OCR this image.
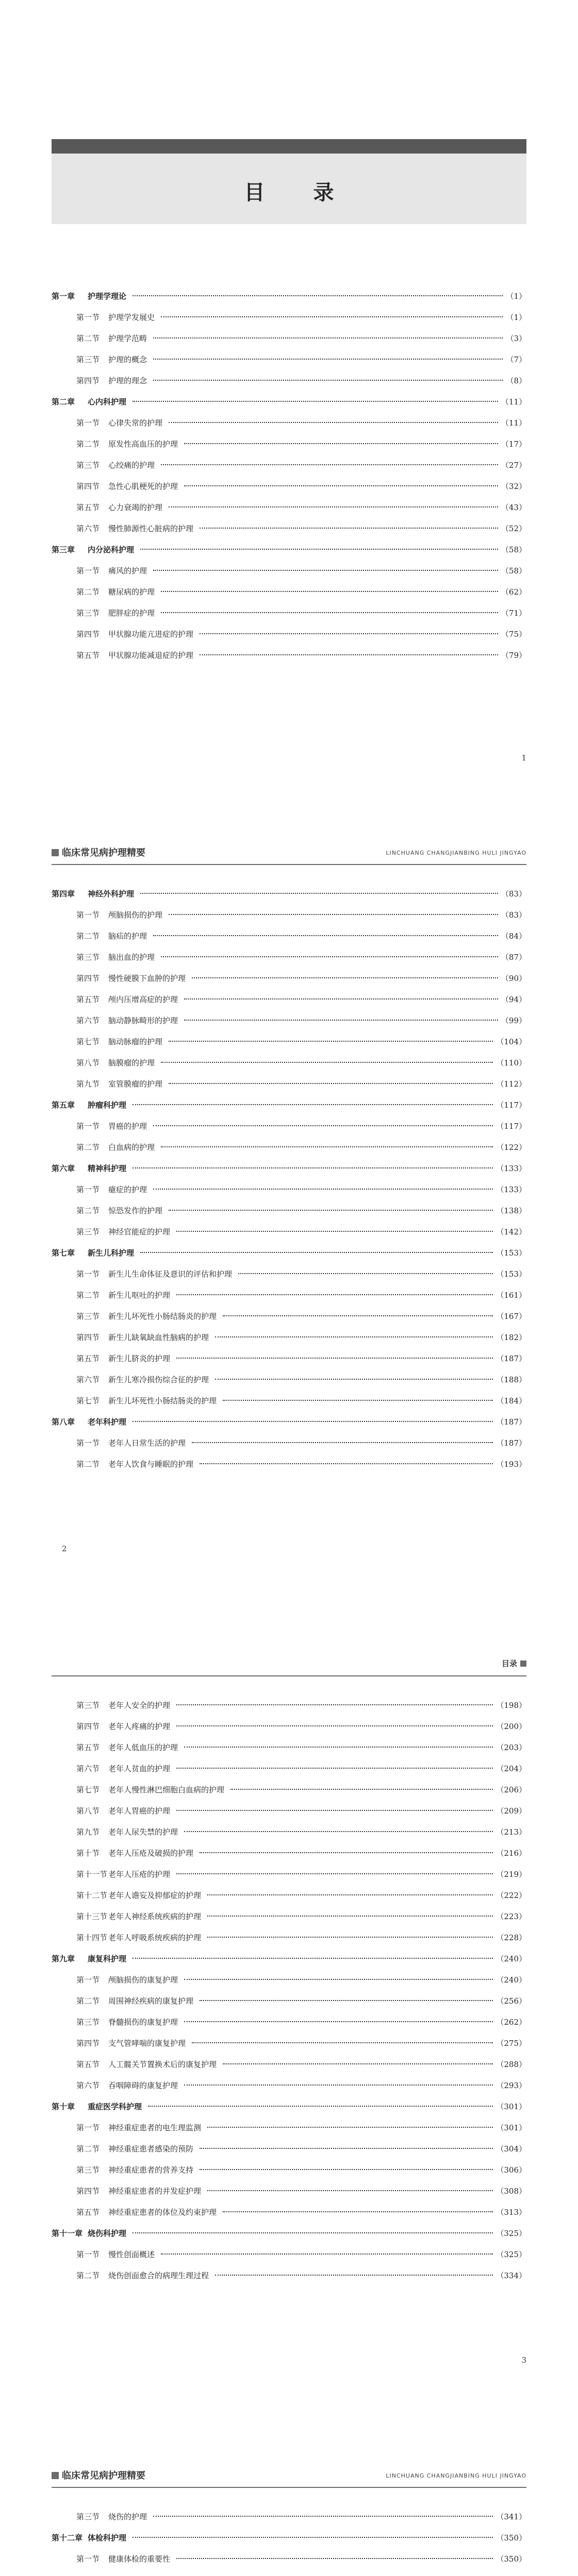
目 录
第一章	护理学理论	（1）
第一节	护理学发展史	（1）
第二节	护理学范畴	（3）
第三节	护理的概念	（7）
第四节	护理的理念	（8）
第二章	心内科护理	（11）
第一节	心律失常的护理	（11）
第二节	原发性高血压的护理	（17）
第三节	心绞痛的护理	（27）
第四节	急性心肌梗死的护理	（32）
第五节	心力衰竭的护理	（43）
第六节	慢性肺源性心脏病的护理	（52）
第三章	内分泌科护理	（58）
第一节	痛风的护理	（58）
第二节	糖尿病的护理	（62）
第三节	肥胖症的护理	（71）
第四节	甲状腺功能亢进症的护理	（75）
第五节	甲状腺功能减退症的护理	（79）
1
临床常见病护理精要	LINCHUANG CHANGJIANBING HULI JINGYAO
第四章	神经外科护理	（83）
第一节	颅脑损伤的护理	（83）
第二节	脑疝的护理	（84）
第三节	脑出血的护理	（87）
第四节	慢性硬膜下血肿的护理	（90）
第五节	颅内压增高症的护理	（94）
第六节	脑动静脉畸形的护理	（99）
第七节	脑动脉瘤的护理	（104）
第八节	脑膜瘤的护理	（110）
第九节	室管膜瘤的护理	（112）
第五章	肿瘤科护理	（117）
第一节	胃癌的护理	（117）
第二节	白血病的护理	（122）
第六章	精神科护理	（133）
第一节	癔症的护理	（133）
第二节	惊恐发作的护理	（138）
第三节	神经官能症的护理	（142）
第七章	新生儿科护理	（153）
第一节	新生儿生命体征及意识的评估和护理	（153）
第二节	新生儿呕吐的护理	（161）
第三节	新生儿坏死性小肠结肠炎的护理	（167）
第四节	新生儿缺氧缺血性脑病的护理	（182）
第五节	新生儿脐炎的护理	（187）
第六节	新生儿寒冷损伤综合征的护理	（188）
第七节	新生儿坏死性小肠结肠炎的护理	（184）
第八章	老年科护理	（187）
第一节	老年人日常生活的护理	（187）
第二节	老年人饮食与睡眠的护理	（193）
2
目录
第三节	老年人安全的护理	（198）
第四节	老年人疼痛的护理	（200）
第五节	老年人低血压的护理	（203）
第六节	老年人贫血的护理	（204）
第七节	老年人慢性淋巴细胞白血病的护理	（206）
第八节	老年人胃癌的护理	（209）
第九节	老年人尿失禁的护理	（213）
第十节	老年人压疮及破损的护理	（216）
第十一节 老年人压疮的护理	（219）
第十二节 老年人谵妄及抑郁症的护理	（222）
第十三节 老年人神经系统疾病的护理	（223）
第十四节 老年人呼吸系统疾病的护理	（228）
第九章	康复科护理	（240）
第一节	颅脑损伤的康复护理	（240）
第二节	周围神经疾病的康复护理	（256）
第三节	脊髓损伤的康复护理	（262）
第四节	支气管哮喘的康复护理	（275）
第五节	人工髋关节置换术后的康复护理	（288）
第六节	吞咽障碍的康复护理	（293）
第十章	重症医学科护理	（301）
第一节	神经重症患者的电生理监测	（301）
第二节	神经重症患者感染的预防	（304）
第三节	神经重症患者的营养支持	（306）
第四节	神经重症患者的并发症护理	（308）
第五节	神经重症患者的体位及约束护理	（313）
第十一章 烧伤科护理	（325）
第一节	慢性创面概述	（325）
第二节	烧伤创面愈合的病理生理过程	（334）
3
临床常见病护理精要	LINCHUANG CHANGJIANBING HULI JINGYAO
第三节	烧伤的护理	（341）
第十二章 体检科护理	（350）
第一节	健康体检的重要性	（350）
